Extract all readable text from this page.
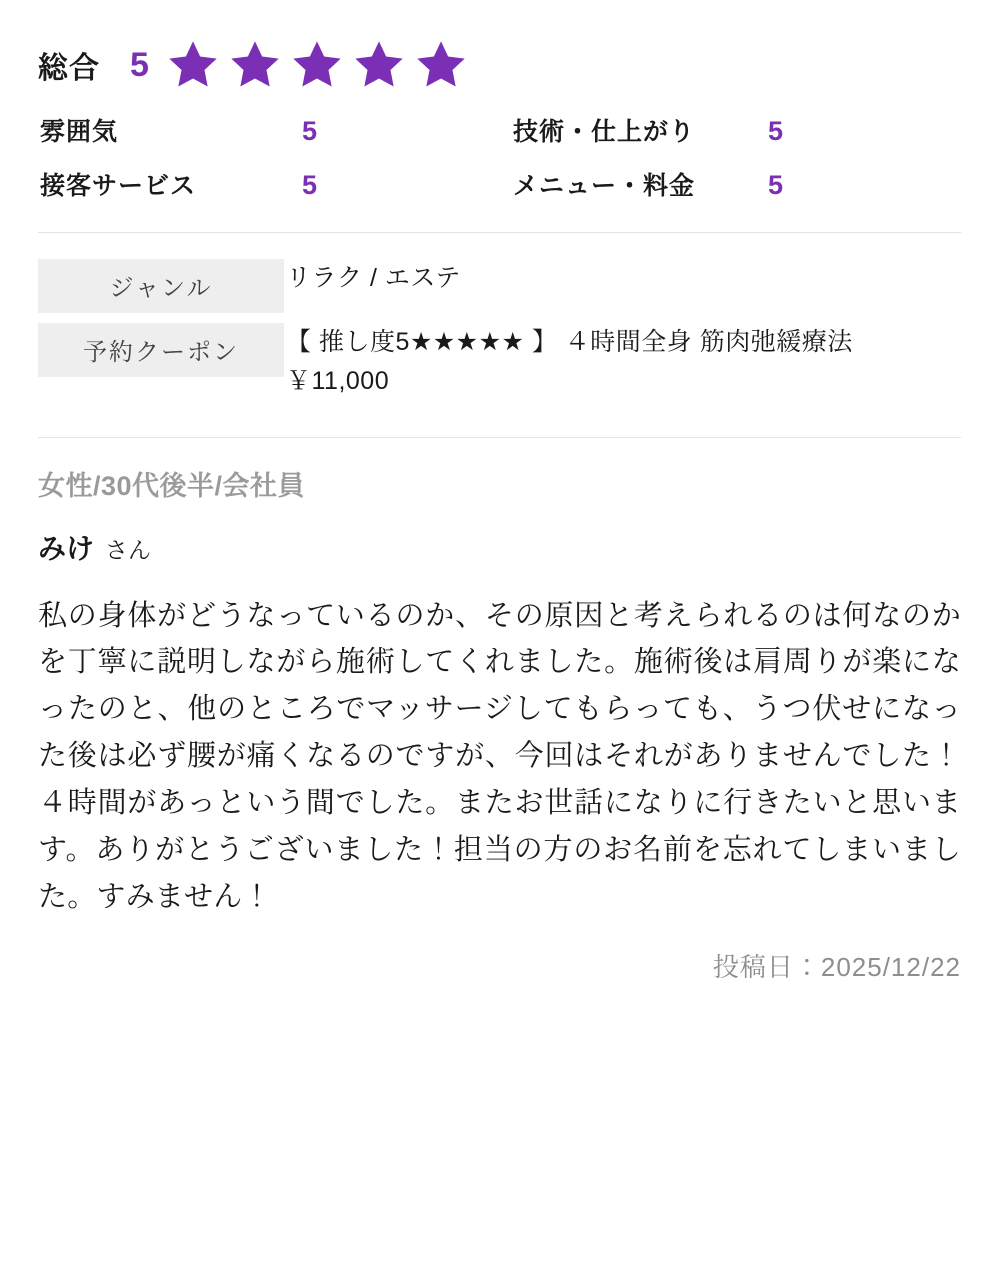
総合 5
雰囲気	5	技術・仕上がり	5
接客サービス	5	メニュー・料金	5
ジャンル	リラク / エステ

予約クーポン	【 推し度5★★★★★ 】 ４時間全身 筋肉弛緩療法 ￥11,000
女性/30代後半/会社員
みけ さん
私の身体がどうなっているのか、その原因と考えられるのは何なのかを丁寧に説明しながら施術してくれました。施術後は肩周りが楽になったのと、他のところでマッサージしてもらっても、うつ伏せになった後は必ず腰が痛くなるのですが、今回はそれがありませんでした！４時間があっという間でした。またお世話になりに行きたいと思います。ありがとうございました！担当の方のお名前を忘れてしまいました。すみません！
投稿日：2025/12/22
